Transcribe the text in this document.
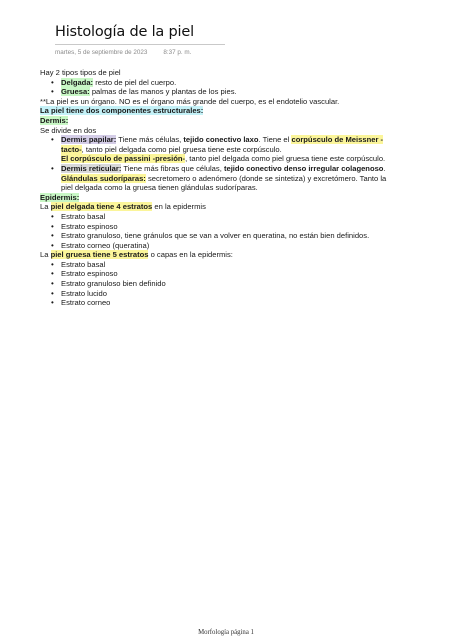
Histología de la piel
martes, 5 de septiembre de 2023	8:37 p. m.

Hay 2 tipos tipos de piel

• Delgada: resto de piel del cuerpo.
• Gruesa: palmas de las manos y plantas de los pies.

**La piel es un órgano. NO es el órgano más grande del cuerpo, es el endotelio vascular.

La piel tiene dos componentes estructurales:

Dermis:

Se divide en dos

• Dermis papilar: Tiene más células, tejido conectivo laxo. Tiene el corpúsculo de Meissner -tacto-, tanto piel delgada como piel gruesa tiene este corpúsculo.
El corpúsculo de passini -presión-, tanto piel delgada como piel gruesa tiene este corpúsculo.
• Dermis reticular: Tiene más fibras que células, tejido conectivo denso irregular colagenoso.
Glándulas sudoríparas: secretomero o adenómero (donde se sintetiza) y excretómero. Tanto la piel delgada como la gruesa tienen glándulas sudoríparas.

Epidermis:

La piel delgada tiene 4 estratos en la epidermis

• Estrato basal
• Estrato espinoso
• Estrato granuloso, tiene gránulos que se van a volver en queratina, no están bien definidos.
• Estrato corneo (queratina)

La piel gruesa tiene 5 estratos o capas en la epidermis:

• Estrato basal
• Estrato espinoso
• Estrato granuloso bien definido
• Estrato lucido
• Estrato corneo
Morfología página 1
